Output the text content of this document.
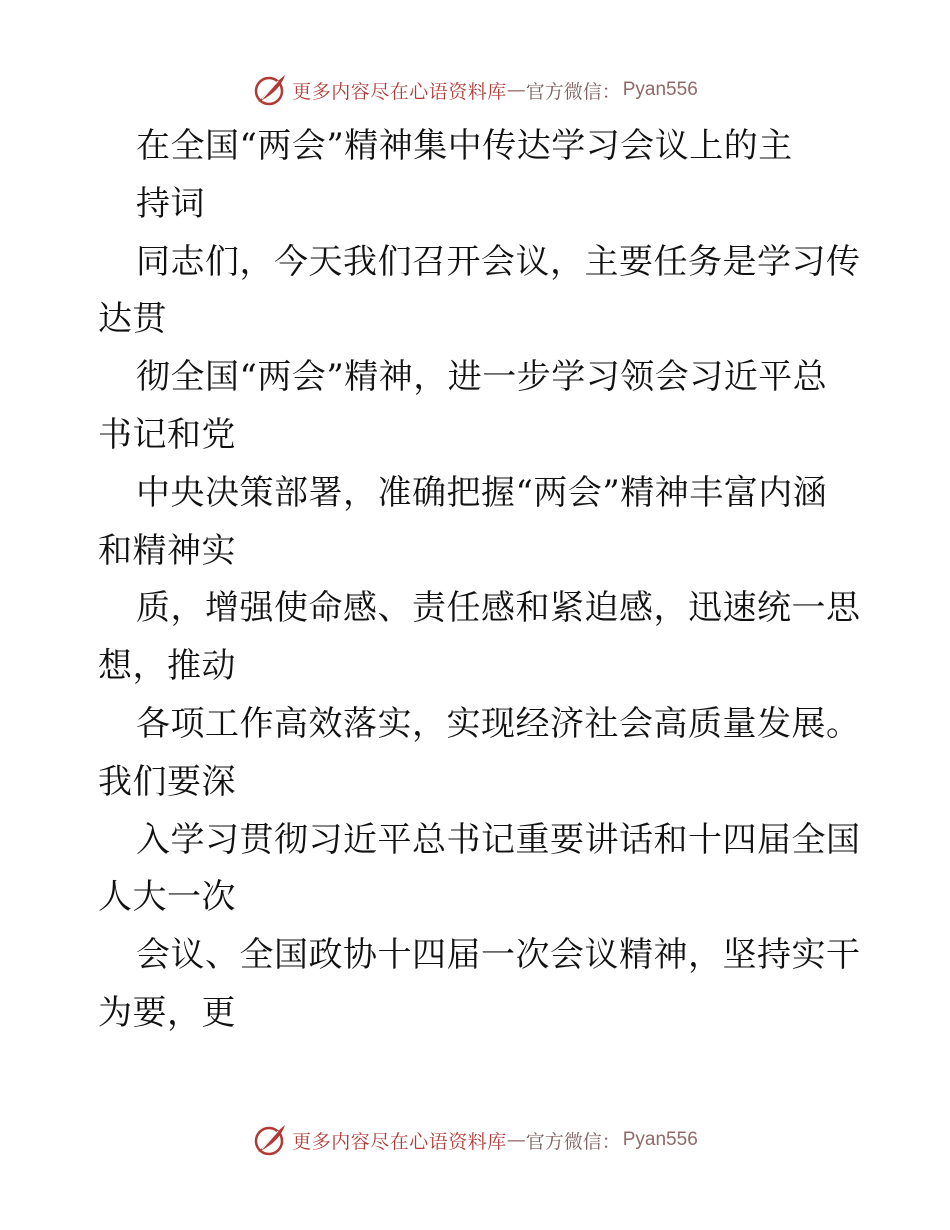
更多内容尽在心语资料库 — 官方微信： Pyan556
在全国“两会”精神集中传达学习会议上的主
持词
同志们，今天我们召开会议，主要任务是学习传
达贯
彻全国“两会”精神，进一步学习领会习近平总
书记和党
中央决策部署，准确把握“两会”精神丰富内涵
和精神实
质，增强使命感、责任感和紧迫感，迅速统一思
想，推动
各项工作高效落实，实现经济社会高质量发展。
我们要深
入学习贯彻习近平总书记重要讲话和十四届全国
人大一次
会议、全国政协十四届一次会议精神，坚持实干
为要，更
更多内容尽在心语资料库 — 官方微信： Pyan556
